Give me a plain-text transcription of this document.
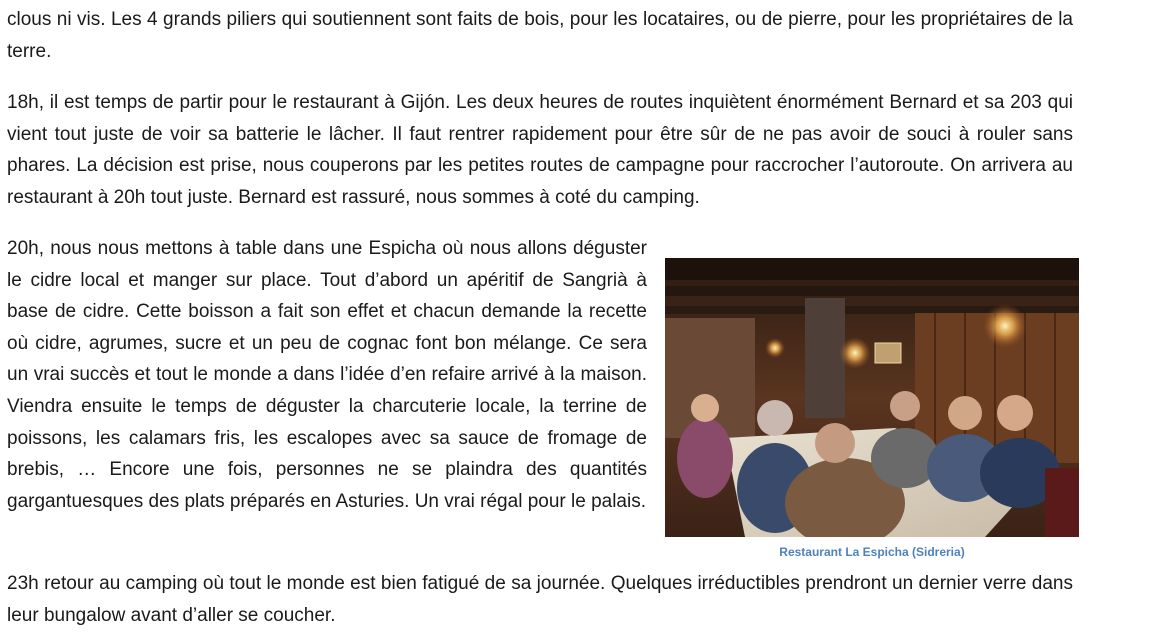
clous ni vis. Les 4 grands piliers qui soutiennent sont faits de bois, pour les locataires, ou de pierre, pour les propriétaires de la terre.

18h, il est temps de partir pour le restaurant à Gijón. Les deux heures de routes inquiètent énormément Bernard et sa 203 qui vient tout juste de voir sa batterie le lâcher. Il faut rentrer rapidement pour être sûr de ne pas avoir de souci à rouler sans phares. La décision est prise, nous couperons par les petites routes de campagne pour raccrocher l’autoroute. On arrivera au restaurant à 20h tout juste. Bernard est rassuré, nous sommes à coté du camping.

20h, nous nous mettons à table dans une Espicha où nous allons déguster le cidre local et manger sur place. Tout d’abord un apéritif de Sangrià à base de cidre. Cette boisson a fait son effet et chacun demande la recette où cidre, agrumes, sucre et un peu de cognac font bon mélange. Ce sera un vrai succès et tout le monde a dans l’idée d’en refaire arrivé à la maison. Viendra ensuite le temps de déguster la charcuterie locale, la terrine de poissons, les calamars fris, les escalopes avec sa sauce de fromage de brebis, … Encore une fois, personnes ne se plaindra des quantités gargantuesques des plats préparés en Asturies. Un vrai régal pour le palais.

23h retour au camping où tout le monde est bien fatigué de sa journée. Quelques irréductibles prendront un dernier verre dans leur bungalow avant d’aller se coucher.

Restaurant La Espicha (Sidreria)
